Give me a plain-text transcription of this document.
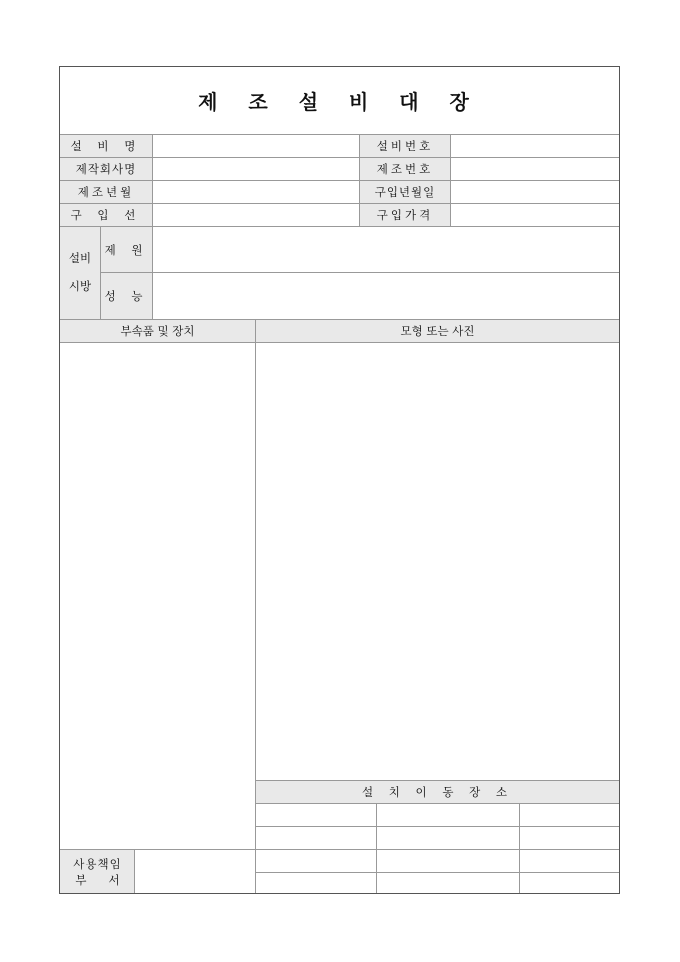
제 조 설 비 대 장
설 비 명	설비번호
제작회사명	제조번호
제조년월	구입년월일
구 입 선	구입가격
설비
시방
제 원
성 능
부속품 및 장치	모형 또는 사진
설 치 이 동 장 소
사용책임
부      서
